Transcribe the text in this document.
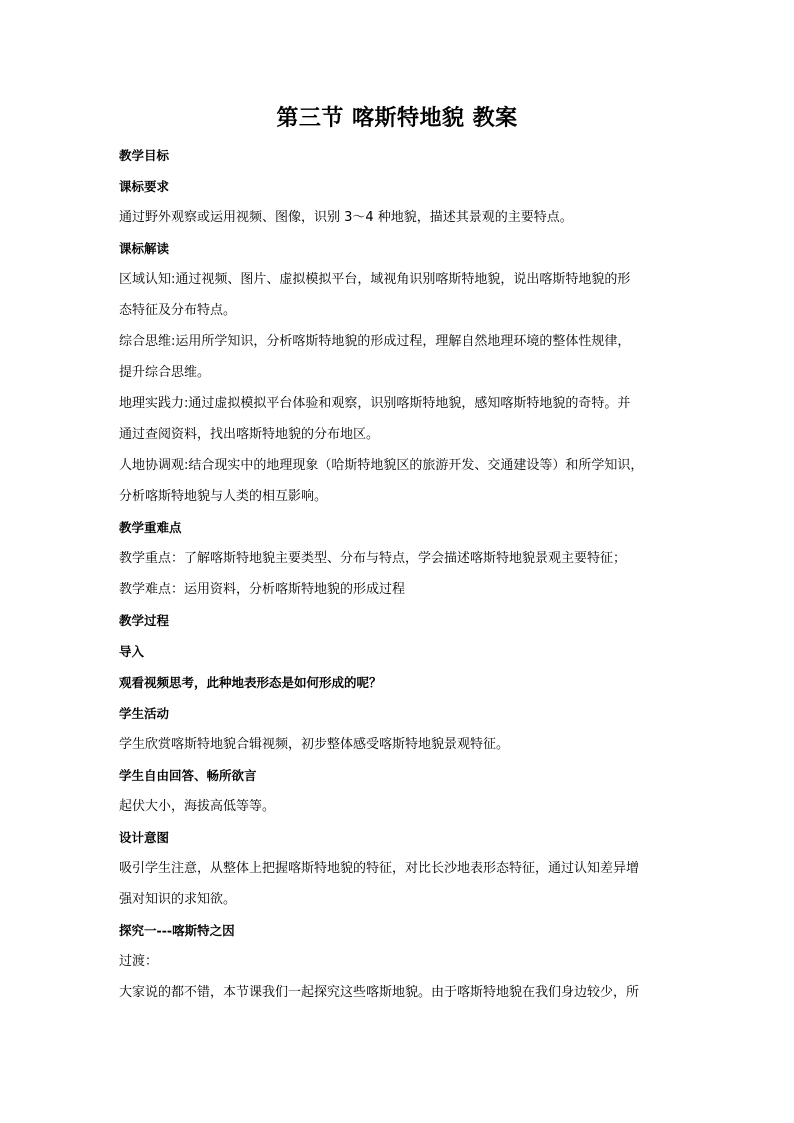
第三节 喀斯特地貌 教案
教学目标
课标要求
通过野外观察或运用视频、图像，识别 3～4 种地貌，描述其景观的主要特点。
课标解读
区域认知:通过视频、图片、虚拟模拟平台，域视角识别喀斯特地貌，说出喀斯特地貌的形
态特征及分布特点。
综合思维:运用所学知识，分析喀斯特地貌的形成过程，理解自然地理环境的整体性规律，
提升综合思维。
地理实践力:通过虚拟模拟平台体验和观察，识别喀斯特地貌，感知喀斯特地貌的奇特。并
通过查阅资料，找出喀斯特地貌的分布地区。
人地协调观:结合现实中的地理现象（哈斯特地貌区的旅游开发、交通建设等）和所学知识，
分析喀斯特地貌与人类的相互影响。
教学重难点
教学重点：了解喀斯特地貌主要类型、分布与特点，学会描述喀斯特地貌景观主要特征；
教学难点：运用资料，分析喀斯特地貌的形成过程
教学过程
导入
观看视频思考，此种地表形态是如何形成的呢？
学生活动
学生欣赏喀斯特地貌合辑视频，初步整体感受喀斯特地貌景观特征。
学生自由回答、畅所欲言
起伏大小，海拔高低等等。
设计意图
吸引学生注意，从整体上把握喀斯特地貌的特征，对比长沙地表形态特征，通过认知差异增
强对知识的求知欲。
探究一---喀斯特之因
过渡：
大家说的都不错，本节课我们一起探究这些喀斯地貌。由于喀斯特地貌在我们身边较少，所
